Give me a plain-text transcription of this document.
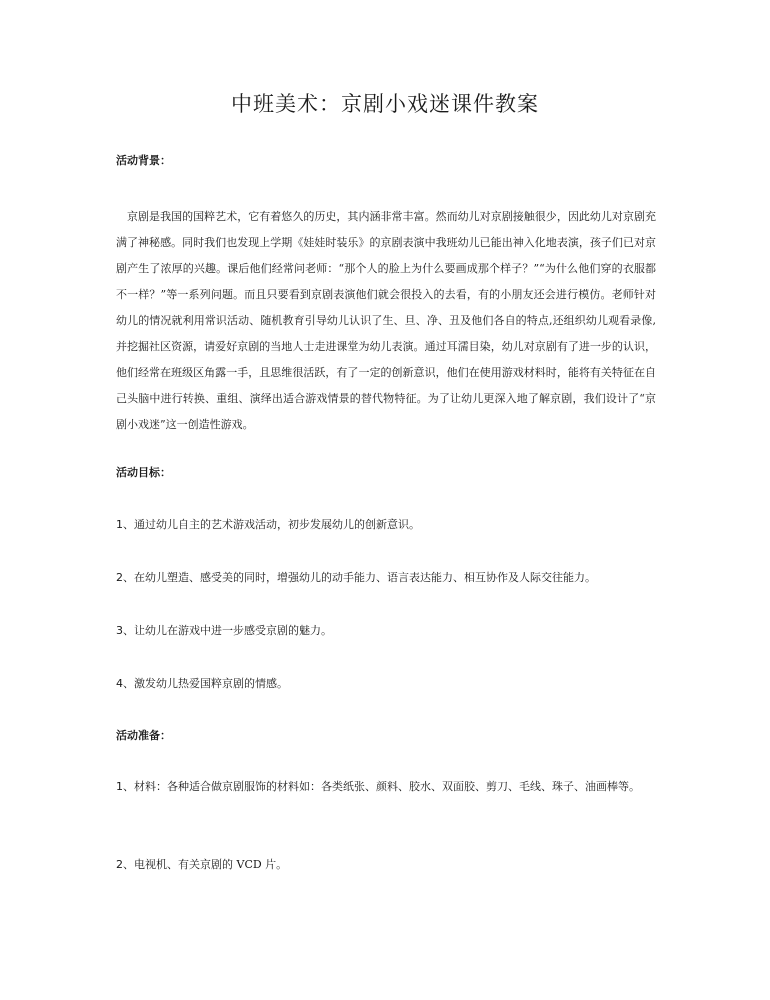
中班美术：京剧小戏迷课件教案
活动背景：

　京剧是我国的国粹艺术，它有着悠久的历史，其内涵非常丰富。然而幼儿对京剧接触很少，因此幼儿对京剧充满了神秘感。同时我们也发现上学期《娃娃时装乐》的京剧表演中我班幼儿已能出神入化地表演，孩子们已对京剧产生了浓厚的兴趣。课后他们经常问老师：“那个人的脸上为什么要画成那个样子？”“为什么他们穿的衣服都不一样？”等一系列问题。而且只要看到京剧表演他们就会很投入的去看，有的小朋友还会进行模仿。老师针对幼儿的情况就利用常识活动、随机教育引导幼儿认识了生、旦、净、丑及他们各自的特点,还组织幼儿观看录像,并挖掘社区资源，请爱好京剧的当地人士走进课堂为幼儿表演。通过耳濡目染，幼儿对京剧有了进一步的认识，他们经常在班级区角露一手，且思维很活跃，有了一定的创新意识，他们在使用游戏材料时，能将有关特征在自己头脑中进行转换、重组、演绎出适合游戏情景的替代物特征。为了让幼儿更深入地了解京剧，我们设计了“京剧小戏迷”这一创造性游戏。

活动目标：
1、通过幼儿自主的艺术游戏活动，初步发展幼儿的创新意识。
2、在幼儿塑造、感受美的同时，增强幼儿的动手能力、语言表达能力、相互协作及人际交往能力。
3、让幼儿在游戏中进一步感受京剧的魅力。
4、激发幼儿热爱国粹京剧的情感。
活动准备：
1、材料：各种适合做京剧服饰的材料如：各类纸张、颜料、胶水、双面胶、剪刀、毛线、珠子、油画棒等。
2、电视机、有关京剧的 VCD 片。
